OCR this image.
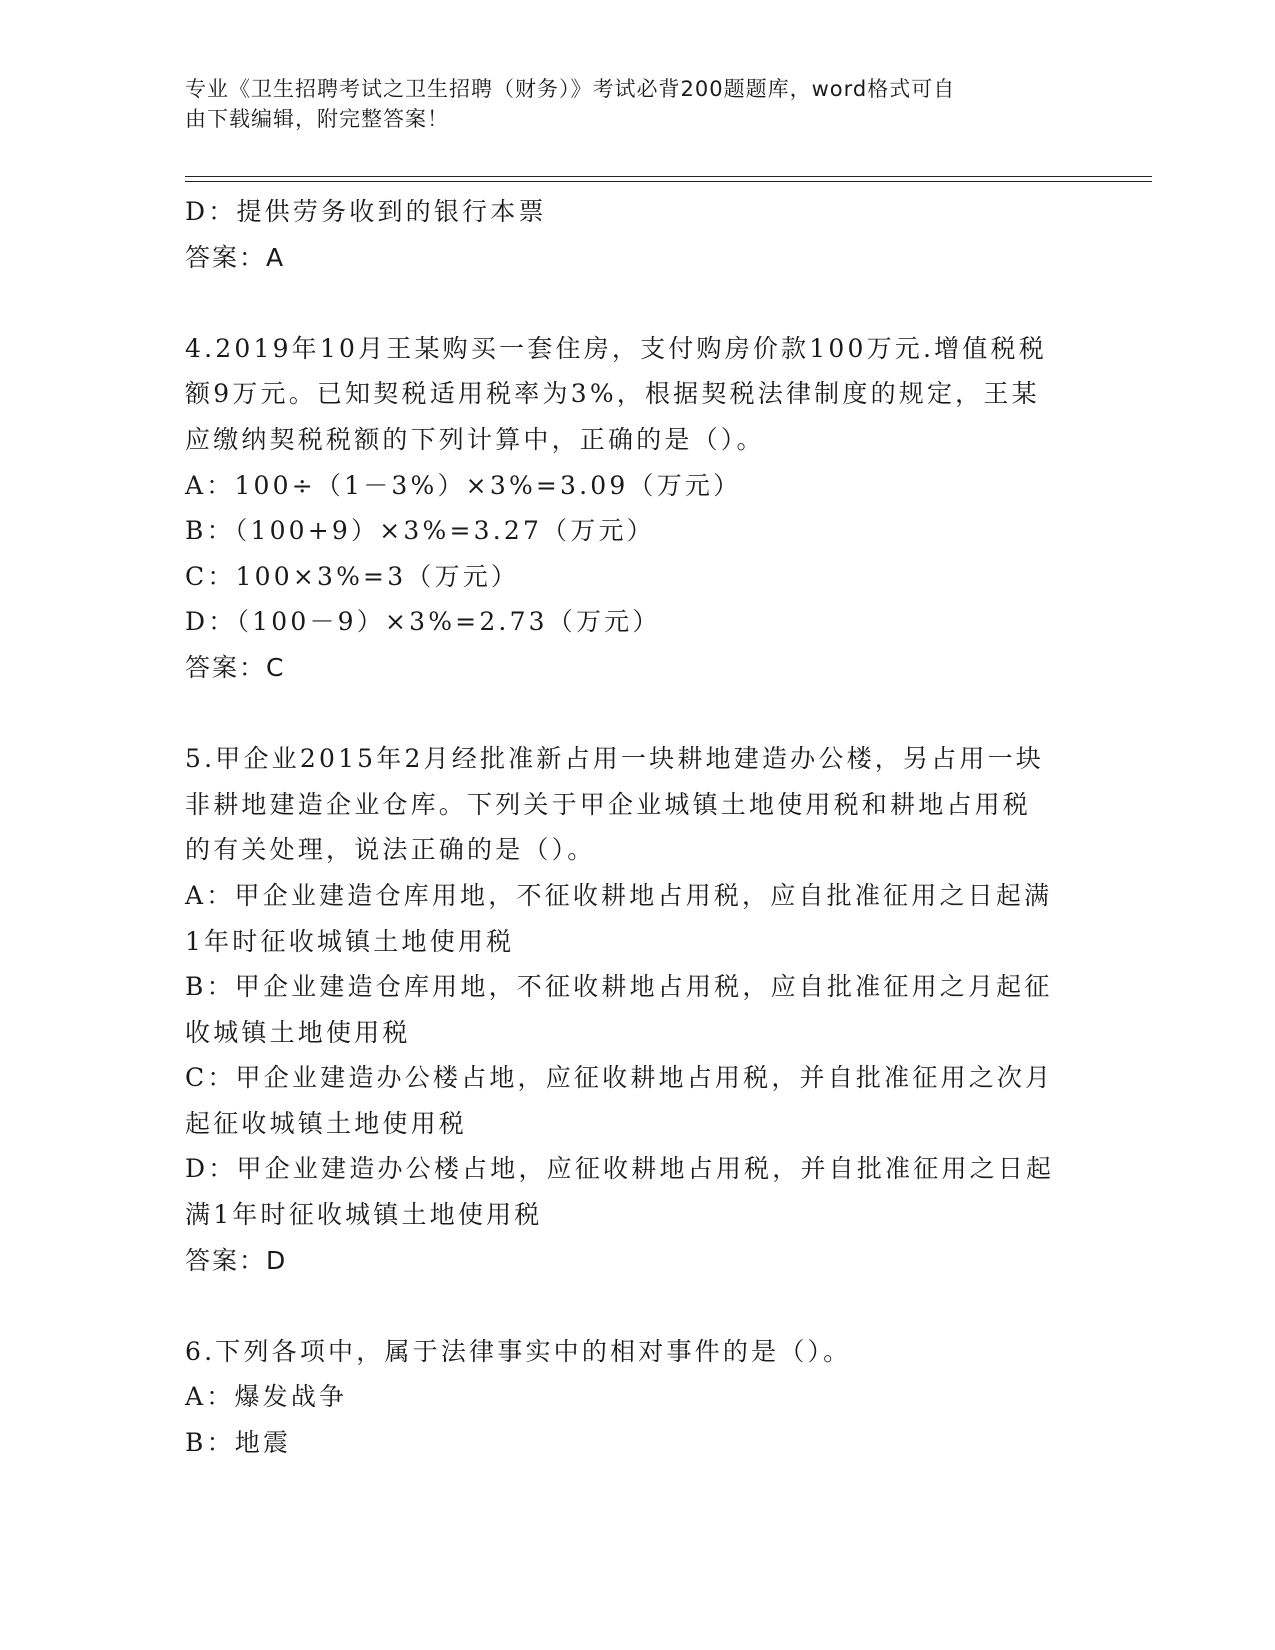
专业《卫生招聘考试之卫生招聘（财务）》考试必背200题题库，word格式可自
由下载编辑，附完整答案！
D：提供劳务收到的银行本票
答案：A
4.2019年10月王某购买一套住房，支付购房价款100万元.增值税税
额9万元。已知契税适用税率为3%，根据契税法律制度的规定，王某
应缴纳契税税额的下列计算中，正确的是（）。
A：100÷（1－3%）×3%=3.09（万元）
B：（100+9）×3%=3.27（万元）
C：100×3%=3（万元）
D：（100－9）×3%=2.73（万元）
答案：C
5.甲企业2015年2月经批准新占用一块耕地建造办公楼，另占用一块
非耕地建造企业仓库。下列关于甲企业城镇土地使用税和耕地占用税
的有关处理，说法正确的是（）。
A：甲企业建造仓库用地，不征收耕地占用税，应自批准征用之日起满
1年时征收城镇土地使用税
B：甲企业建造仓库用地，不征收耕地占用税，应自批准征用之月起征
收城镇土地使用税
C：甲企业建造办公楼占地，应征收耕地占用税，并自批准征用之次月
起征收城镇土地使用税
D：甲企业建造办公楼占地，应征收耕地占用税，并自批准征用之日起
满1年时征收城镇土地使用税
答案：D
6.下列各项中，属于法律事实中的相对事件的是（）。
A：爆发战争
B：地震
